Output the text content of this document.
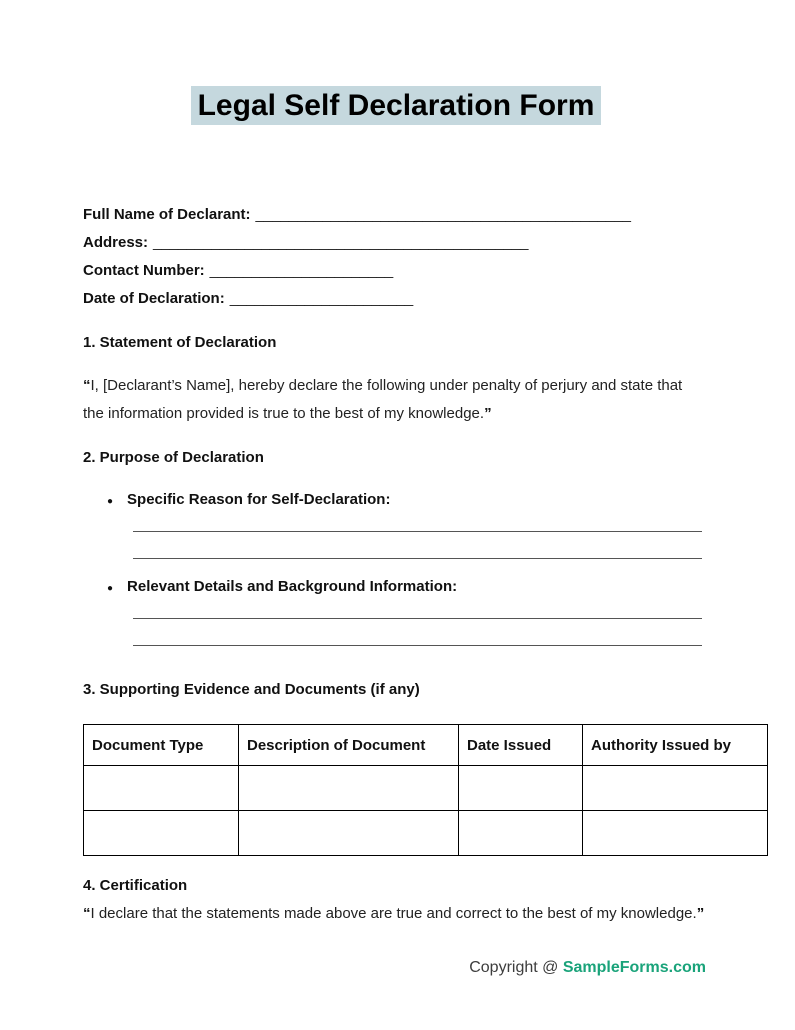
Legal Self Declaration Form
Full Name of Declarant: _____________________________________________
Address: _____________________________________________
Contact Number: ______________________
Date of Declaration: ______________________
1. Statement of Declaration

“I, [Declarant’s Name], hereby declare the following under penalty of perjury and state that the information provided is true to the best of my knowledge.”

2. Purpose of Declaration
● Specific Reason for Self-Declaration:
● Relevant Details and Background Information:
3. Supporting Evidence and Documents (if any)
Document Type	Description of Document	Date Issued	Authority Issued by

4. Certification

“I declare that the statements made above are true and correct to the best of my knowledge.”

Copyright @ SampleForms.com
